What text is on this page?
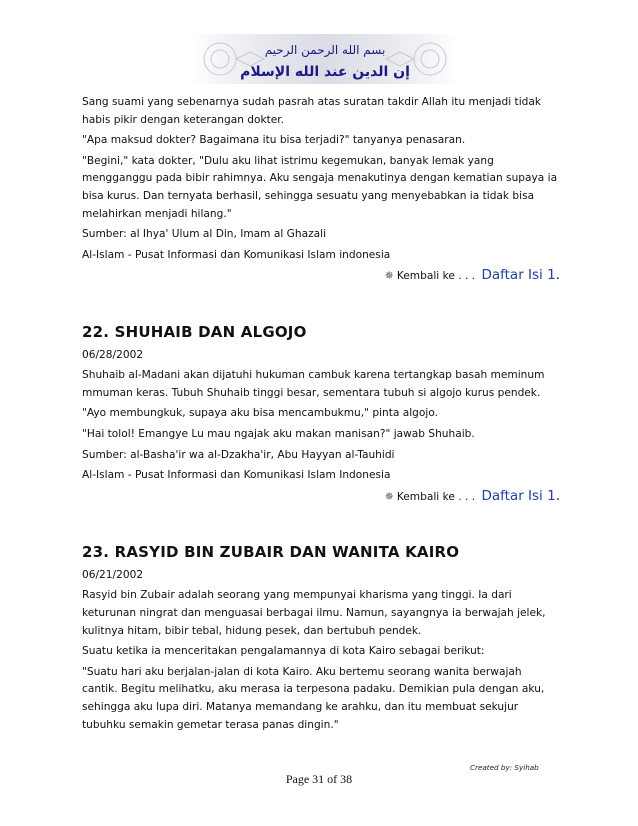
بسم الله الرحمن الرحيم
إن الدين عند الله الإسلام

Sang suami yang sebenarnya sudah pasrah atas suratan takdir Allah itu menjadi tidak habis pikir dengan keterangan dokter.

"Apa maksud dokter? Bagaimana itu bisa terjadi?" tanyanya penasaran.

"Begini," kata dokter, "Dulu aku lihat istrimu kegemukan, banyak lemak yang mengganggu pada bibir rahimnya. Aku sengaja menakutinya dengan kematian supaya ia bisa kurus. Dan ternyata berhasil, sehingga sesuatu yang menyebabkan ia tidak bisa melahirkan menjadi hilang."

Sumber: al Ihya' Ulum al Din, Imam al Ghazali

Al-Islam - Pusat Informasi dan Komunikasi Islam indonesia

✵ Kembali ke . . . Daftar Isi 1.

22. SHUHAIB DAN ALGOJO

06/28/2002

Shuhaib al-Madani akan dijatuhi hukuman cambuk karena tertangkap basah meminum mmuman keras. Tubuh Shuhaib tinggi besar, sementara tubuh si algojo kurus pendek.

"Ayo membungkuk, supaya aku bisa mencambukmu," pinta algojo.

"Hai tolol! Emangye Lu mau ngajak aku makan manisan?" jawab Shuhaib.

Sumber: al-Basha'ir wa al-Dzakha'ir, Abu Hayyan al-Tauhidi

Al-Islam - Pusat Informasi dan Komunikasi Islam Indonesia

✵ Kembali ke . . . Daftar Isi 1.

23. RASYID BIN ZUBAIR DAN WANITA KAIRO

06/21/2002

Rasyid bin Zubair adalah seorang yang mempunyai kharisma yang tinggi. Ia dari keturunan ningrat dan menguasai berbagai ilmu. Namun, sayangnya ia berwajah jelek, kulitnya hitam, bibir tebal, hidung pesek, dan bertubuh pendek.

Suatu ketika ia menceritakan pengalamannya di kota Kairo sebagai berikut:

"Suatu hari aku berjalan-jalan di kota Kairo. Aku bertemu seorang wanita berwajah cantik. Begitu melihatku, aku merasa ia terpesona padaku. Demikian pula dengan aku, sehingga aku lupa diri. Matanya memandang ke arahku, dan itu membuat sekujur tubuhku semakin gemetar terasa panas dingin."

Created by: Syihab
Page 31 of 38
